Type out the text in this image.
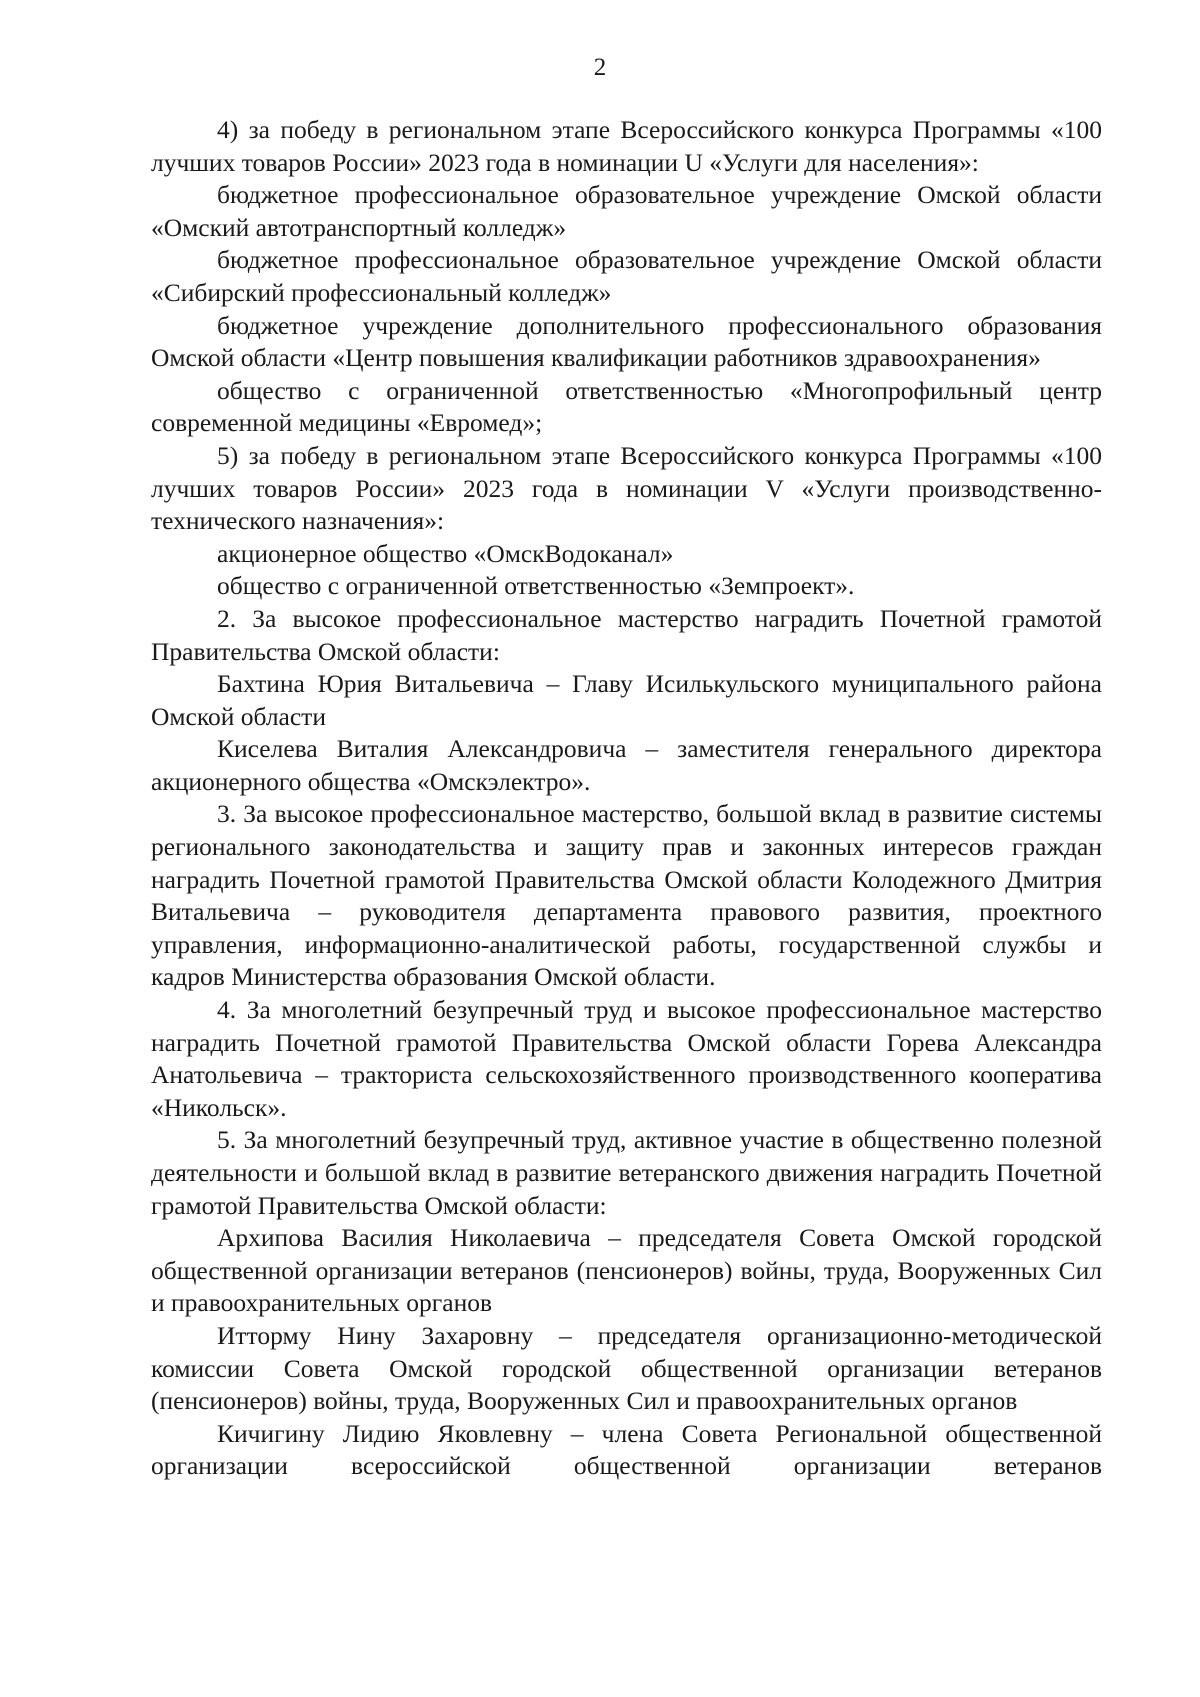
2

4) за победу в региональном этапе Всероссийского конкурса Программы «100 лучших товаров России» 2023 года в номинации U «Услуги для населения»:

бюджетное профессиональное образовательное учреждение Омской области «Омский автотранспортный колледж»

бюджетное профессиональное образовательное учреждение Омской области «Сибирский профессиональный колледж»

бюджетное учреждение дополнительного профессионального образования Омской области «Центр повышения квалификации работников здравоохранения»

общество с ограниченной ответственностью «Многопрофильный центр современной медицины «Евромед»;

5) за победу в региональном этапе Всероссийского конкурса Программы «100 лучших товаров России» 2023 года в номинации V «Услуги производственно-технического назначения»:

акционерное общество «ОмскВодоканал»

общество с ограниченной ответственностью «Земпроект».

2. За высокое профессиональное мастерство наградить Почетной грамотой Правительства Омской области:

Бахтина Юрия Витальевича – Главу Исилькульского муниципального района Омской области

Киселева Виталия Александровича – заместителя генерального директора акционерного общества «Омскэлектро».

3. За высокое профессиональное мастерство, большой вклад в развитие системы регионального законодательства и защиту прав и законных интересов граждан наградить Почетной грамотой Правительства Омской области Колодежного Дмитрия Витальевича – руководителя департамента правового развития, проектного управления, информационно-аналитической работы, государственной службы и кадров Министерства образования Омской области.

4. За многолетний безупречный труд и высокое профессиональное мастерство наградить Почетной грамотой Правительства Омской области Горева Александра Анатольевича – тракториста сельскохозяйственного производственного кооператива «Никольск».

5. За многолетний безупречный труд, активное участие в общественно полезной деятельности и большой вклад в развитие ветеранского движения наградить Почетной грамотой Правительства Омской области:

Архипова Василия Николаевича – председателя Совета Омской городской общественной организации ветеранов (пенсионеров) войны, труда, Вооруженных Сил и правоохранительных органов

Итторму Нину Захаровну – председателя организационно-методической комиссии Совета Омской городской общественной организации ветеранов (пенсионеров) войны, труда, Вооруженных Сил и правоохранительных органов

Кичигину Лидию Яковлевну – члена Совета Региональной общественной организации всероссийской общественной организации ветеранов
